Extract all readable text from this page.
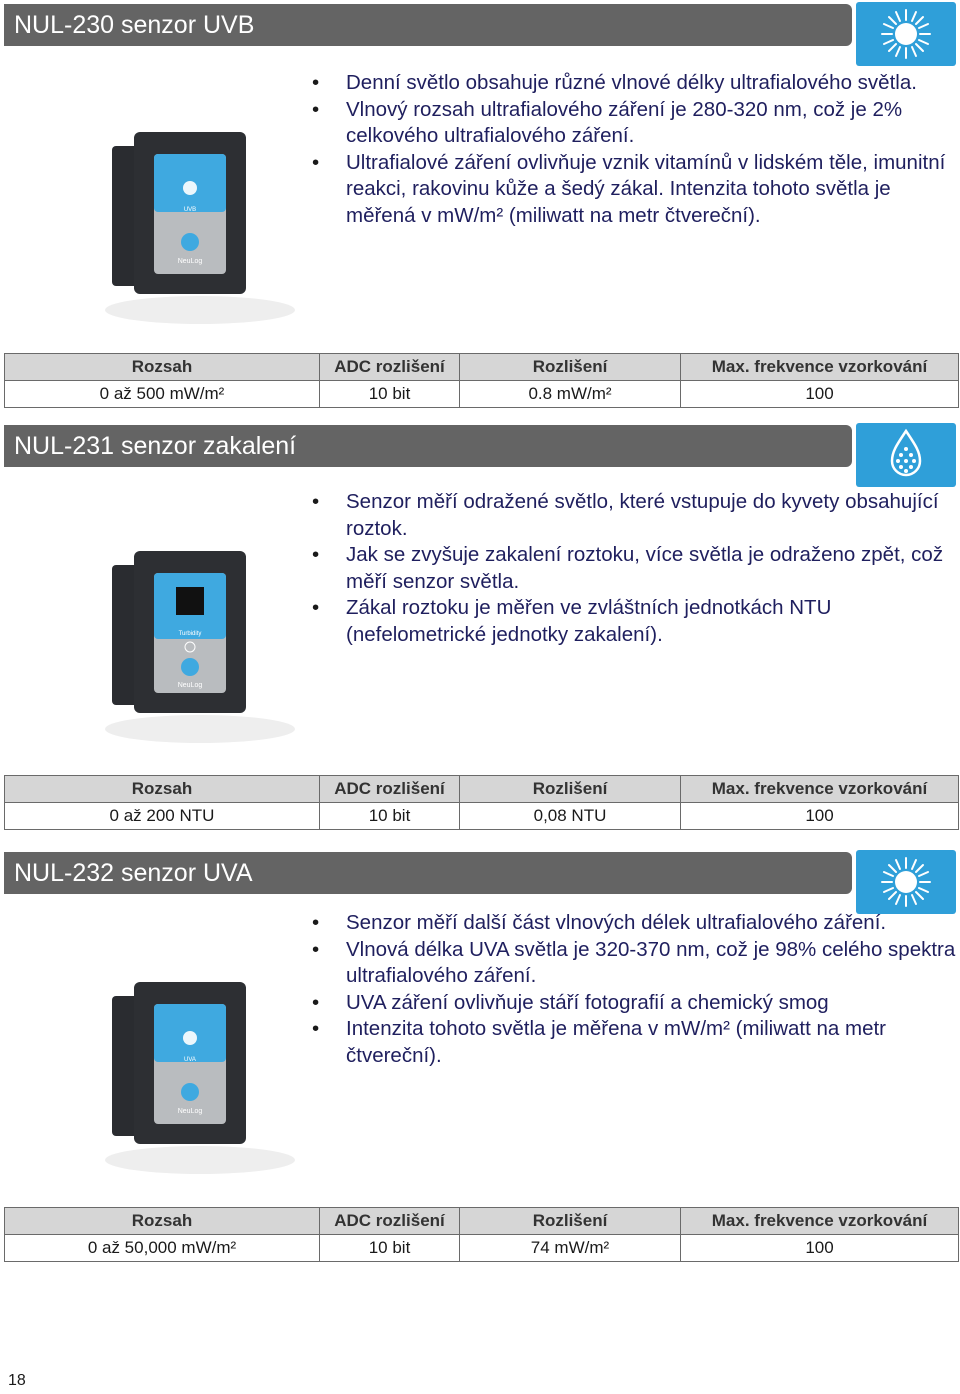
NUL-230 senzor UVB
UVB
NeuLog
• Denní světlo obsahuje různé vlnové délky ultrafialového světla.
• Vlnový rozsah ultrafialového záření je 280-320 nm, což je 2% celkového ultrafialového záření.
• Ultrafialové záření ovlivňuje vznik vitamínů v lidském těle, imunitní reakci, rakovinu kůže a šedý zákal. Intenzita tohoto světla je měřená v mW/m² (miliwatt na metr čtvereční).
Rozsah	ADC rozlišení	Rozlišení	Max. frekvence vzorkování
0 až 500 mW/m²	10 bit	0.8 mW/m²	100
NUL-231 senzor zakalení
Turbidity
NeuLog
• Senzor měří odražené světlo, které vstupuje do kyvety obsahující roztok.
• Jak se zvyšuje zakalení roztoku, více světla je odraženo zpět, což měří senzor světla.
• Zákal roztoku je měřen ve zvláštních jednotkách NTU (nefelometrické jednotky zakalení).
Rozsah	ADC rozlišení	Rozlišení	Max. frekvence vzorkování
0 až 200 NTU	10 bit	0,08 NTU	100
NUL-232 senzor UVA
UVA
NeuLog
• Senzor měří další část vlnových délek ultrafialového záření.
• Vlnová délka UVA světla je 320-370 nm, což je 98% celého spektra ultrafialového záření.
• UVA záření ovlivňuje stáří fotografií a chemický smog
• Intenzita tohoto světla je měřena v mW/m² (miliwatt na metr čtvereční).
Rozsah	ADC rozlišení	Rozlišení	Max. frekvence vzorkování
0 až 50,000 mW/m²	10 bit	74 mW/m²	100
18
